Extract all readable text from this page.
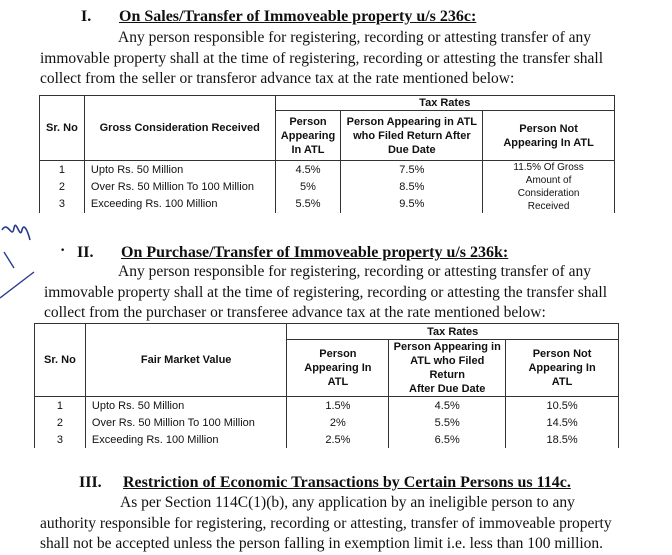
I. On Sales/Transfer of Immoveable property u/s 236c:
Any person responsible for registering, recording or attesting transfer of any
immovable property shall at the time of registering, recording or attesting the transfer shall
collect from the seller or transferor advance tax at the rate mentioned below:
Sr. No	Gross Consideration Received	Tax Rates		
		Person
Appearing
In ATL	Person Appearing in ATL
who Filed Return After
Due Date	Person Not
Appearing In ATL
1	Upto Rs. 50 Million	4.5%	7.5%	11.5% Of Gross
Amount of
Consideration
Received
2	Over Rs. 50 Million To 100 Million	5%	8.5%	
3	Exceeding Rs. 100 Million	5.5%	9.5%	
· II. On Purchase/Transfer of Immoveable property u/s 236k:
Any person responsible for registering, recording or attesting transfer of any
immovable property shall at the time of registering, recording or attesting the transfer shall
collect from the purchaser or transferee advance tax at the rate mentioned below:
Sr. No	Fair Market Value	Tax Rates		
		Person
Appearing In
ATL	Person Appearing in
ATL who Filed Return
After Due Date	Person Not
Appearing In
ATL
1	Upto Rs. 50 Million	1.5%	4.5%	10.5%
2	Over Rs. 50 Million To 100 Million	2%	5.5%	14.5%
3	Exceeding Rs. 100 Million	2.5%	6.5%	18.5%
III. Restriction of Economic Transactions by Certain Persons us 114c.
As per Section 114C(1)(b), any application by an ineligible person to any
authority responsible for registering, recording or attesting, transfer of immoveable property
shall not be accepted unless the person falling in exemption limit i.e. less than 100 million.
